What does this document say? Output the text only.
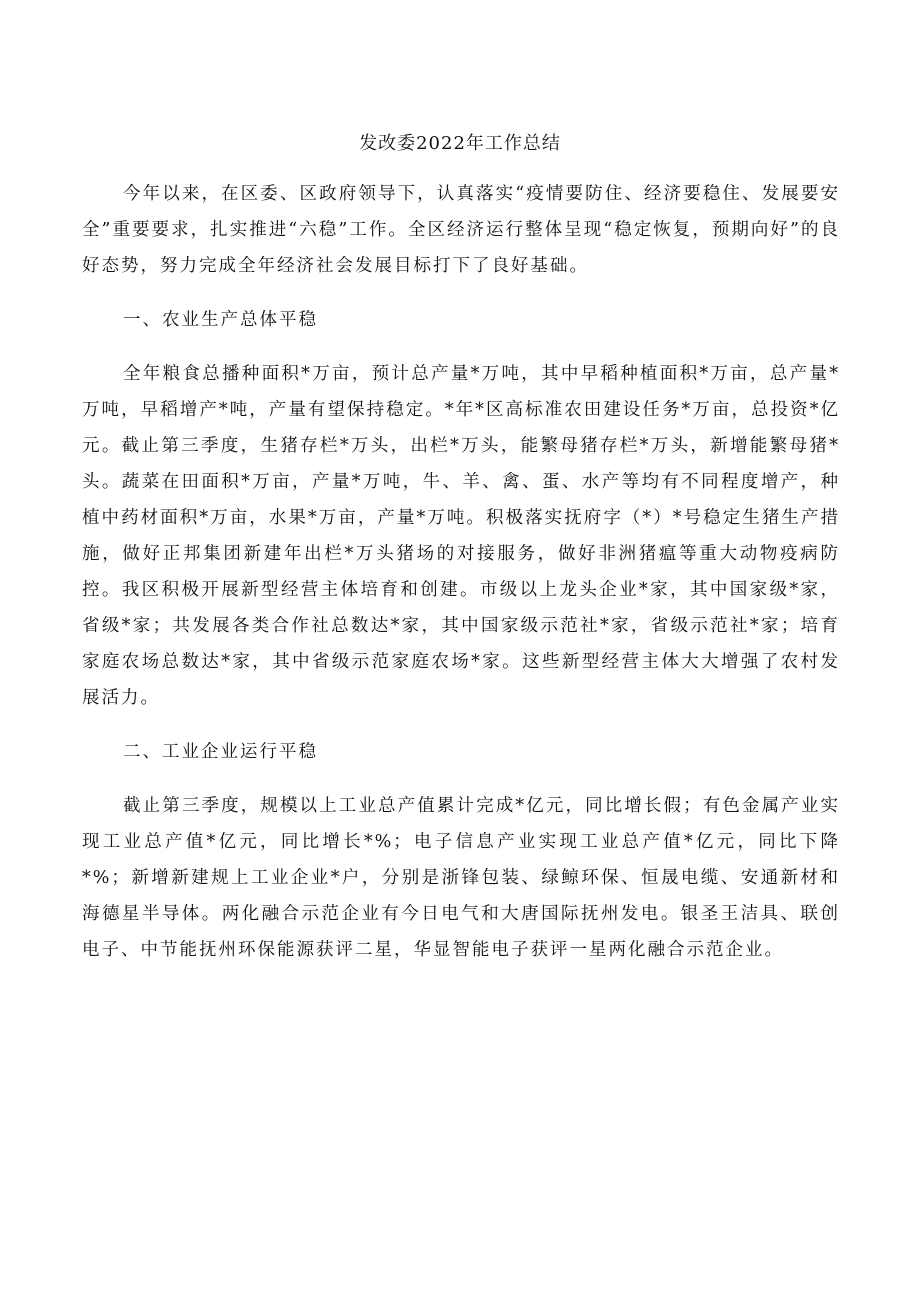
发改委2022年工作总结

今年以来，在区委、区政府领导下，认真落实“疫情要防住、经济要稳住、发展要安全”重要要求，扎实推进“六稳”工作。全区经济运行整体呈现“稳定恢复，预期向好”的良好态势，努力完成全年经济社会发展目标打下了良好基础。

一、农业生产总体平稳

全年粮食总播种面积*万亩，预计总产量*万吨，其中早稻种植面积*万亩，总产量*万吨，早稻增产*吨，产量有望保持稳定。*年*区高标准农田建设任务*万亩，总投资*亿元。截止第三季度，生猪存栏*万头，出栏*万头，能繁母猪存栏*万头，新增能繁母猪*头。蔬菜在田面积*万亩，产量*万吨，牛、羊、禽、蛋、水产等均有不同程度增产，种植中药材面积*万亩，水果*万亩，产量*万吨。积极落实抚府字（*）*号稳定生猪生产措施，做好正邦集团新建年出栏*万头猪场的对接服务，做好非洲猪瘟等重大动物疫病防控。我区积极开展新型经营主体培育和创建。市级以上龙头企业*家，其中国家级*家，省级*家；共发展各类合作社总数达*家，其中国家级示范社*家，省级示范社*家；培育家庭农场总数达*家，其中省级示范家庭农场*家。这些新型经营主体大大增强了农村发展活力。

二、工业企业运行平稳

截止第三季度，规模以上工业总产值累计完成*亿元，同比增长假；有色金属产业实现工业总产值*亿元，同比增长*%；电子信息产业实现工业总产值*亿元，同比下降*%；新增新建规上工业企业*户，分别是浙锋包装、绿鲸环保、恒晟电缆、安通新材和海德星半导体。两化融合示范企业有今日电气和大唐国际抚州发电。银圣王洁具、联创电子、中节能抚州环保能源获评二星，华显智能电子获评一星两化融合示范企业。
